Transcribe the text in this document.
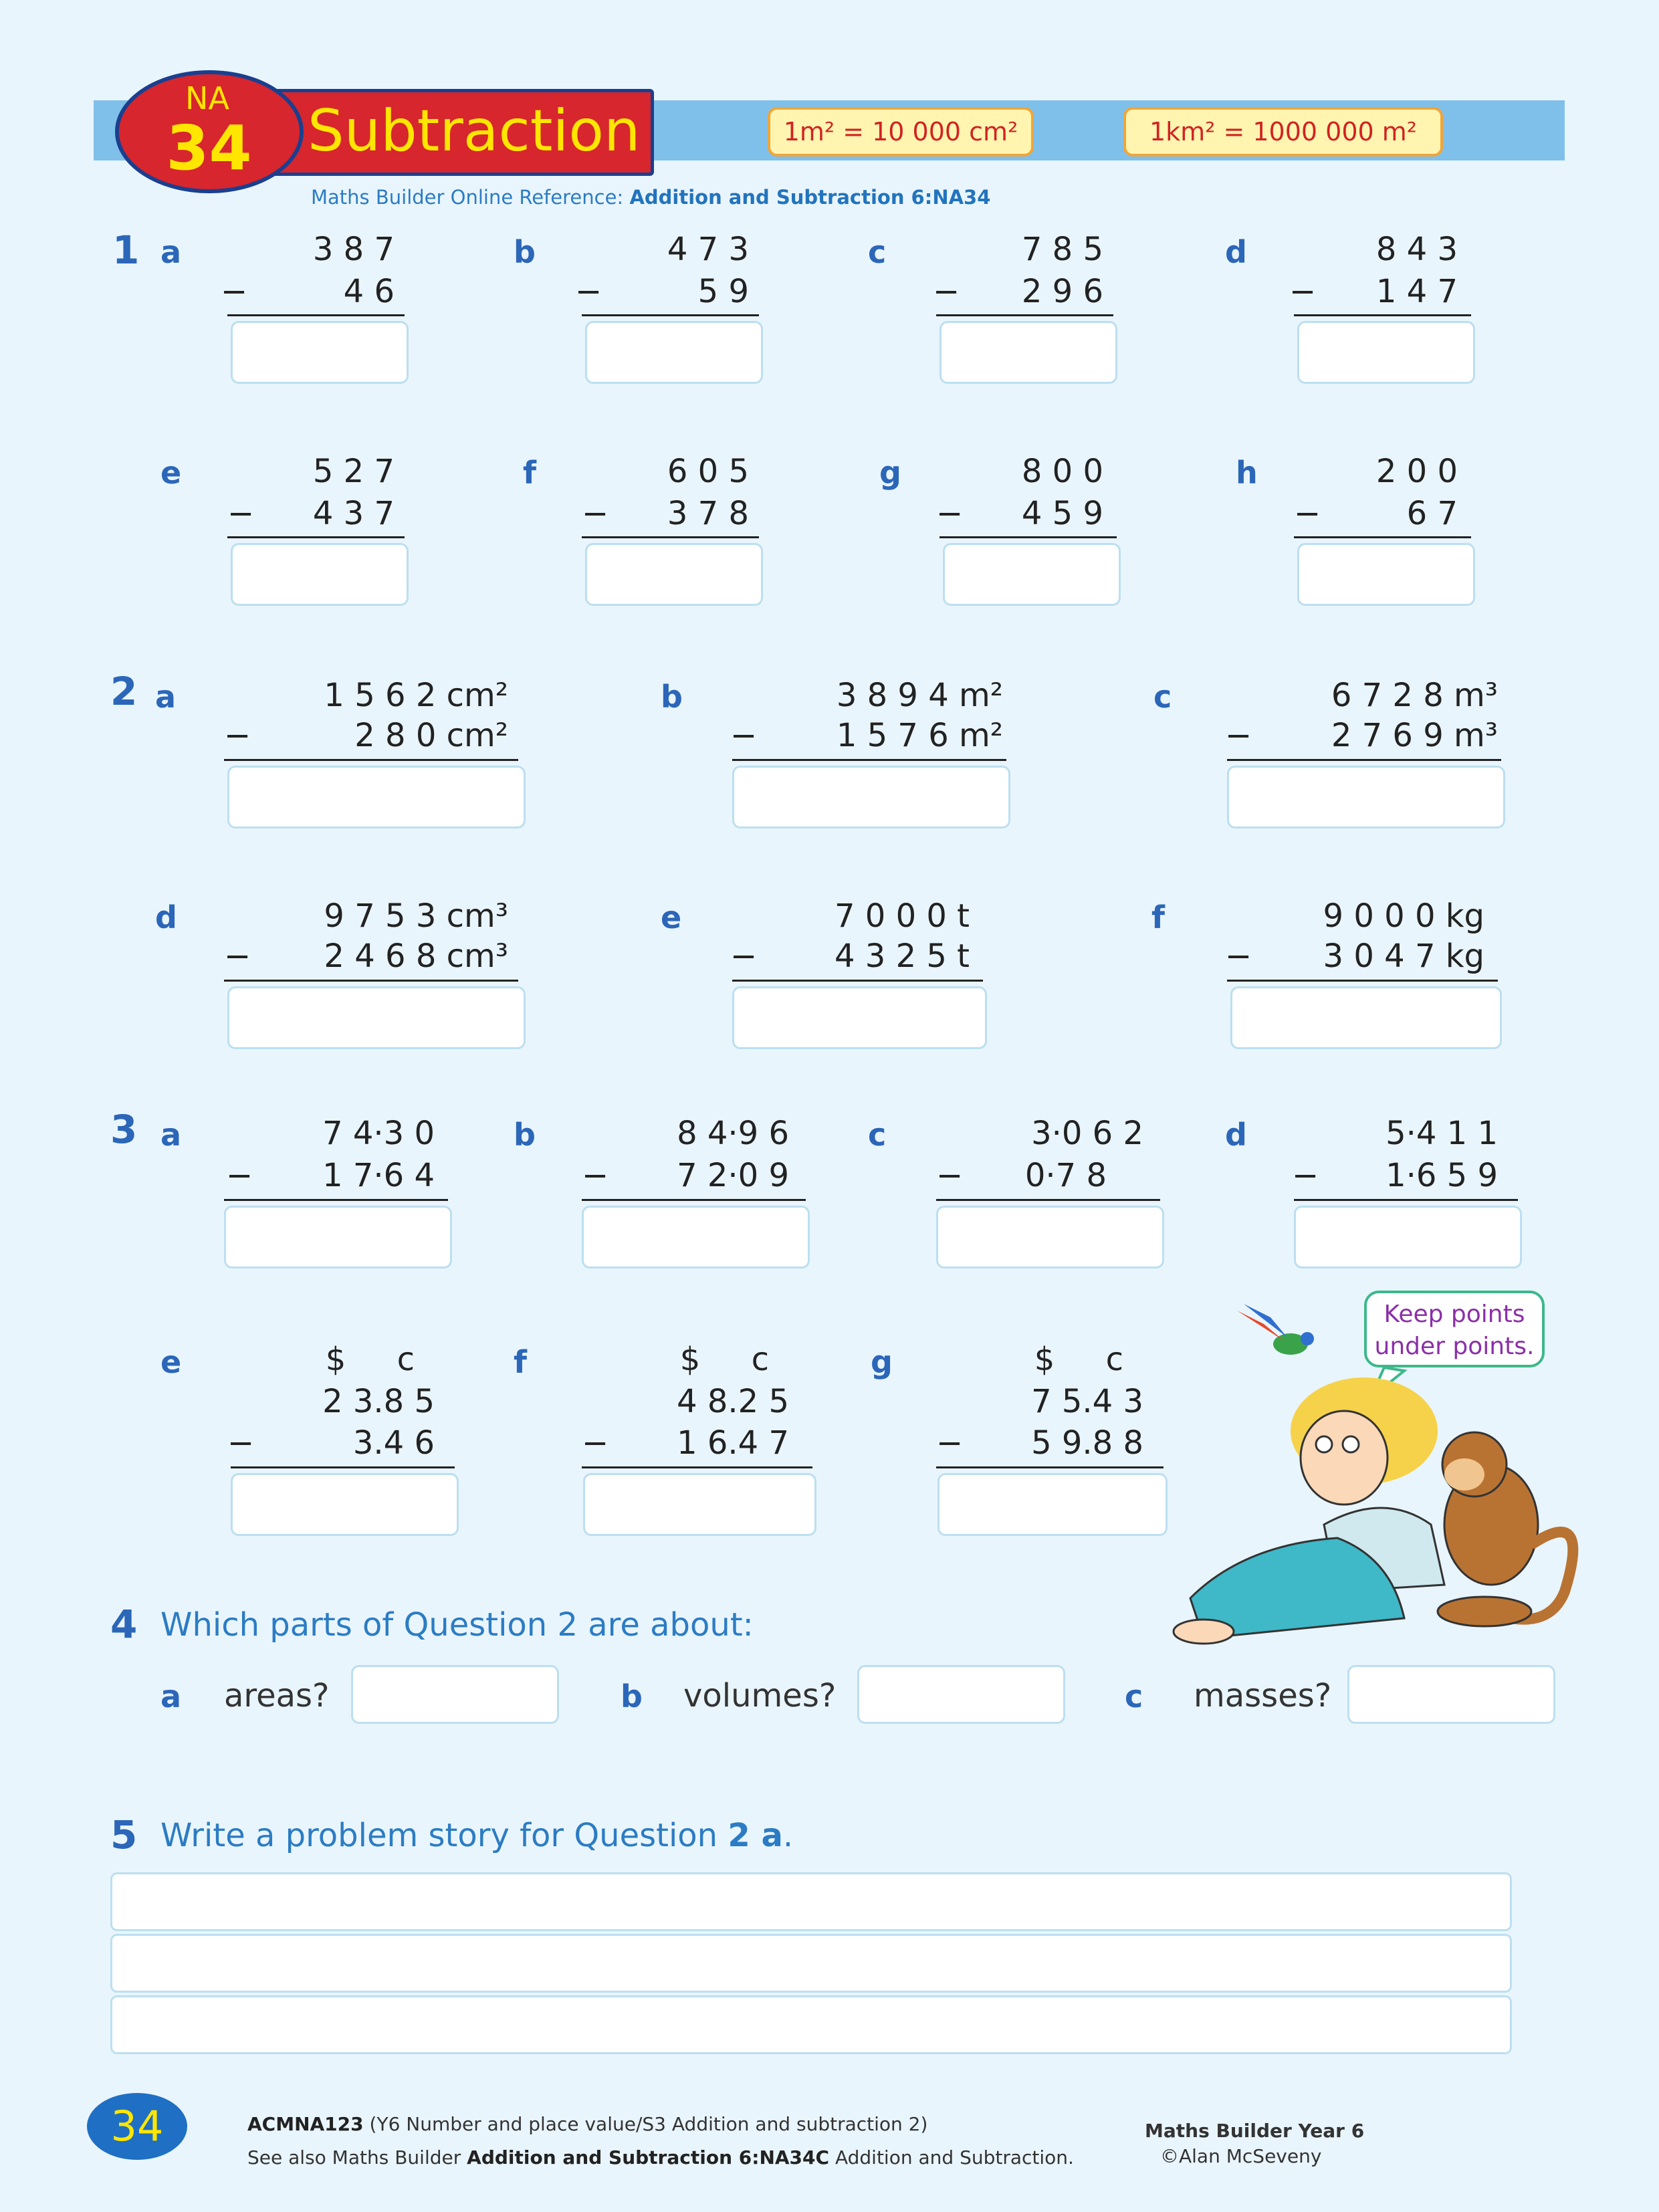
Subtraction
NA
34	1m² = 10 000 cm²	1km² = 1000 000 m²
Maths Builder Online Reference: Addition and Subtraction 6:NA34
1 a	3 8 7
−	4 6
b	4 7 3
−	5 9
c	7 8 5
−	2 9 6
d	8 4 3
−	1 4 7
e	5 2 7
−	4 3 7
f	6 0 5
−	3 7 8
g	8 0 0
−	4 5 9
h	2 0 0
−	6 7
2 a	1 5 6 2 cm²
−	2 8 0 cm²
b	3 8 9 4 m²
−	1 5 7 6 m²
c	6 7 2 8 m³
−	2 7 6 9 m³
d	9 7 5 3 cm³
−	2 4 6 8 cm³
e	7 0 0 0 t
−	4 3 2 5 t
f	9 0 0 0 kg
−	3 0 4 7 kg
3 a	7 4·3 0
−	1 7·6 4
b	8 4·9 6
−	7 2·0 9
c	3·0 6 2
−	0·7 8
d	5·4 1 1
−	1·6 5 9
e	$     c
2 3.8 5
−	3.4 6
f	$     c
4 8.2 5
−	1 6.4 7
g	$     c
7 5.4 3
−	5 9.8 8
Keep points under points.
4 Which parts of Question 2 are about:
a areas?	b volumes?	c masses?
5 Write a problem story for Question 2 a.
34	ACMNA123 (Y6 Number and place value/S3 Addition and subtraction 2)
See also Maths Builder Addition and Subtraction 6:NA34C Addition and Subtraction.
Maths Builder Year 6
©Alan McSeveny
